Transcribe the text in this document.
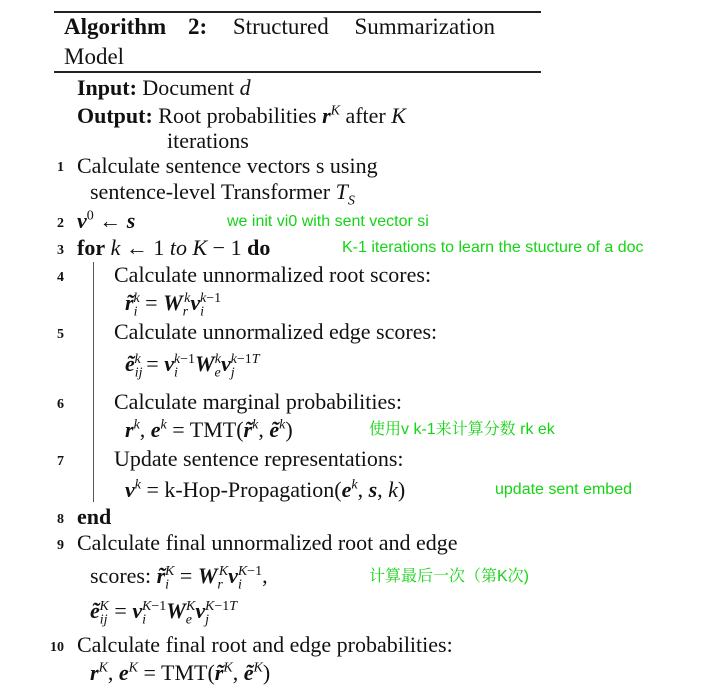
Algorithm 2: Structured Summarization
Model
Input: Document d
Output: Root probabilities $r^K$ after K
iterations
1 Calculate sentence vectors s using
sentence-level Transformer $T_S$
2 $v^0$ ← s	we init vi0 with sent vector si
3 for k ← 1 to K − 1 do	K-1 iterations to learn the stucture of a doc
4 Calculate unnormalized root scores:
$r̃_i^k = W_r^kv_i^{k-1}$
5 Calculate unnormalized edge scores:
ẽ$_{ij}^k$ = $v_i^{k-1}W_e^kv_j^{k-1T}$
6 Calculate marginal probabilities:
$r^k$, $e^k$ = TMT(r̃$^k$, ẽ$^k$)	使用v k-1来计算分数 rk ek
7 Update sentence representations:
$v^k$ = $k-Hop-Propagation(e^k$, s, k)	update sent embed
8 end
9 Calculate final unnormalized root and edge
scores: $r̃_i^K = W_r^Kv_i^{K-1}$,	计算最后一次（第K次)
ẽ$_{ij}^K$ = $v_i^{K-1}W_e^Kv_j^{K-1T}$
10 Calculate final root and edge probabilities:
$r^K$, $e^K$ = TMT(r̃$^K$, ẽ$^K$)
